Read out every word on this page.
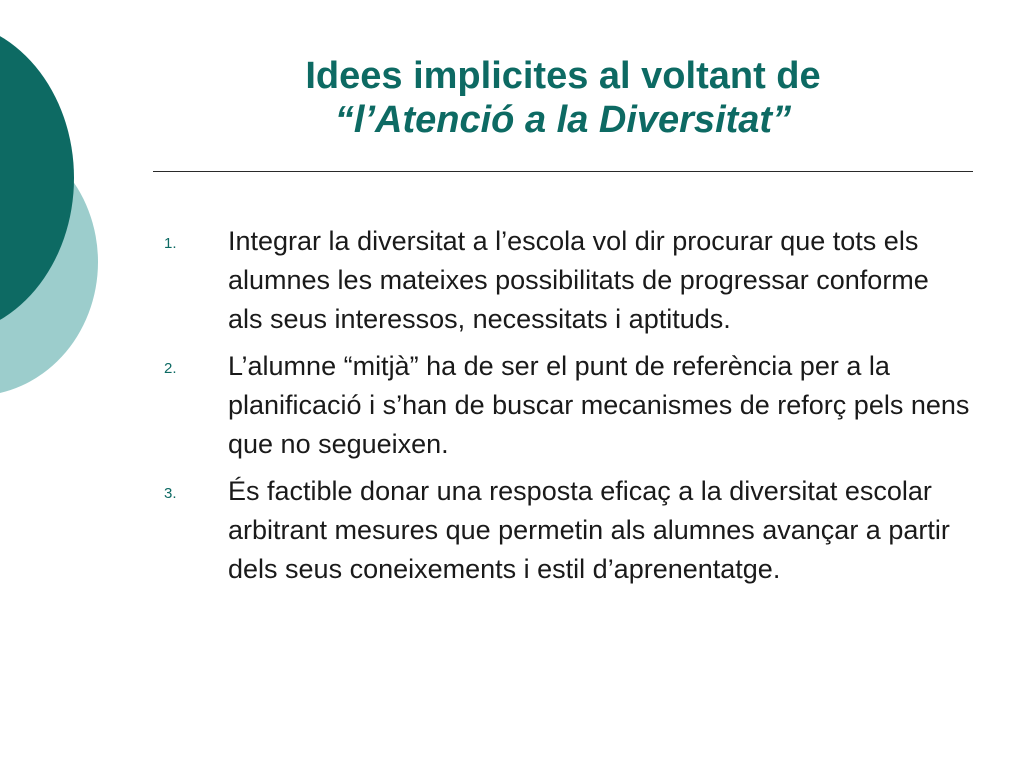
Idees implicites al voltant de
“l’Atenció a la Diversitat”
1. Integrar la diversitat a l’escola vol dir procurar que tots els alumnes les mateixes possibilitats de progressar conforme als seus interessos, necessitats i aptituds.
2. L’alumne “mitjà” ha de ser el punt de referència per a la planificació i s’han de buscar mecanismes de reforç pels nens que no segueixen.
3. És factible donar una resposta eficaç a la diversitat escolar arbitrant mesures que permetin als alumnes avançar a partir dels seus coneixements i estil d’aprenentatge.
